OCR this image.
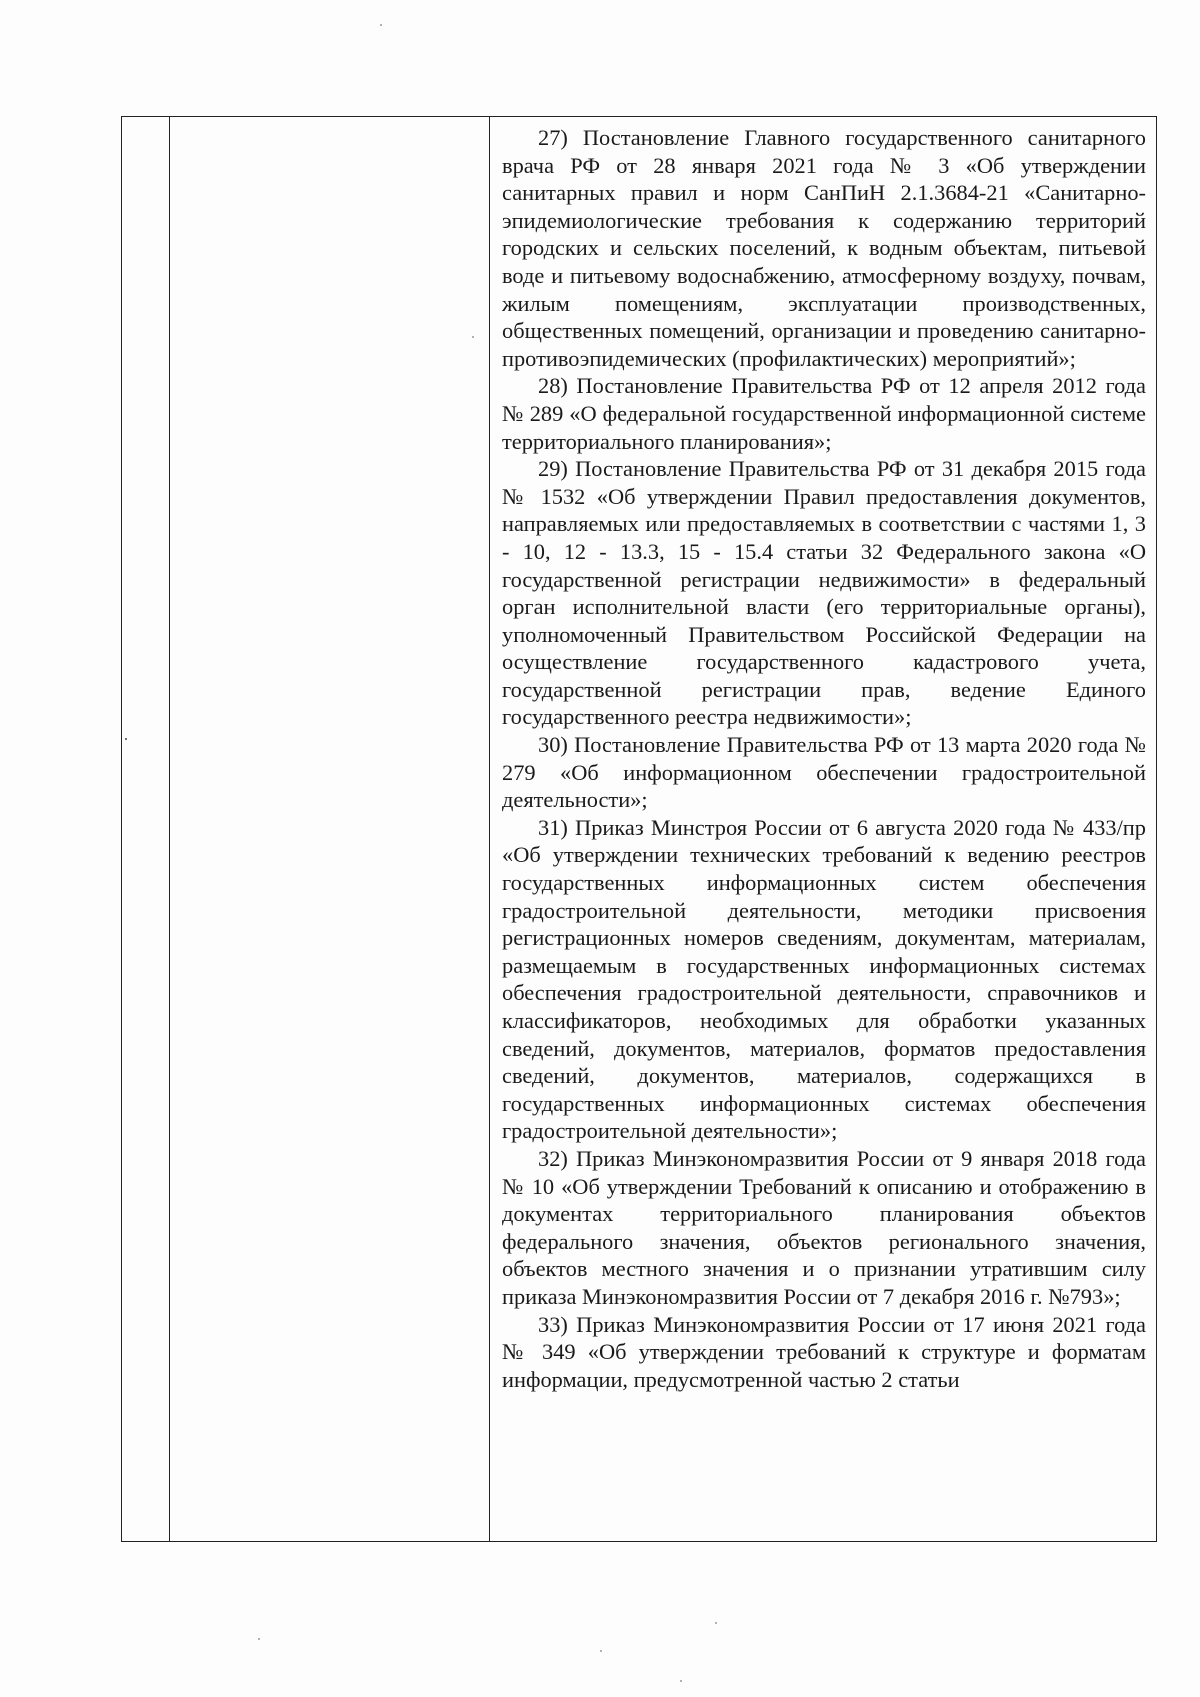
27) Постановление Главного государственного санитарного врача РФ от 28 января 2021 года № 3 «Об утверждении санитарных правил и норм СанПиН 2.1.3684-21 «Санитарно-эпидемиологические требования к содержанию территорий городских и сельских поселений, к водным объектам, питьевой воде и питьевому водоснабжению, атмосферному воздуху, почвам, жилым помещениям, эксплуатации производственных, общественных помещений, организации и проведению санитарно-противоэпидемических (профилактических) мероприятий»;

28) Постановление Правительства РФ от 12 апреля 2012 года № 289 «О федеральной государственной информационной системе территориального планирования»;

29) Постановление Правительства РФ от 31 декабря 2015 года № 1532 «Об утверждении Правил предоставления документов, направляемых или предоставляемых в соответствии с частями 1, 3 - 10, 12 - 13.3, 15 - 15.4 статьи 32 Федерального закона «О государственной регистрации недвижимости» в федеральный орган исполнительной власти (его территориальные органы), уполномоченный Правительством Российской Федерации на осуществление государственного кадастрового учета, государственной регистрации прав, ведение Единого государственного реестра недвижимости»;

30) Постановление Правительства РФ от 13 марта 2020 года № 279 «Об информационном обеспечении градостроительной деятельности»;

31) Приказ Минстроя России от 6 августа 2020 года № 433/пр «Об утверждении технических требований к ведению реестров государственных информационных систем обеспечения градостроительной деятельности, методики присвоения регистрационных номеров сведениям, документам, материалам, размещаемым в государственных информационных системах обеспечения градостроительной деятельности, справочников и классификаторов, необходимых для обработки указанных сведений, документов, материалов, форматов предоставления сведений, документов, материалов, содержащихся в государственных информационных системах обеспечения градостроительной деятельности»;

32) Приказ Минэкономразвития России от 9 января 2018 года № 10 «Об утверждении Требований к описанию и отображению в документах территориального планирования объектов федерального значения, объектов регионального значения, объектов местного значения и о признании утратившим силу приказа Минэкономразвития России от 7 декабря 2016 г. №793»;

33) Приказ Минэкономразвития России от 17 июня 2021 года № 349 «Об утверждении требований к структуре и форматам информации, предусмотренной частью 2 статьи
